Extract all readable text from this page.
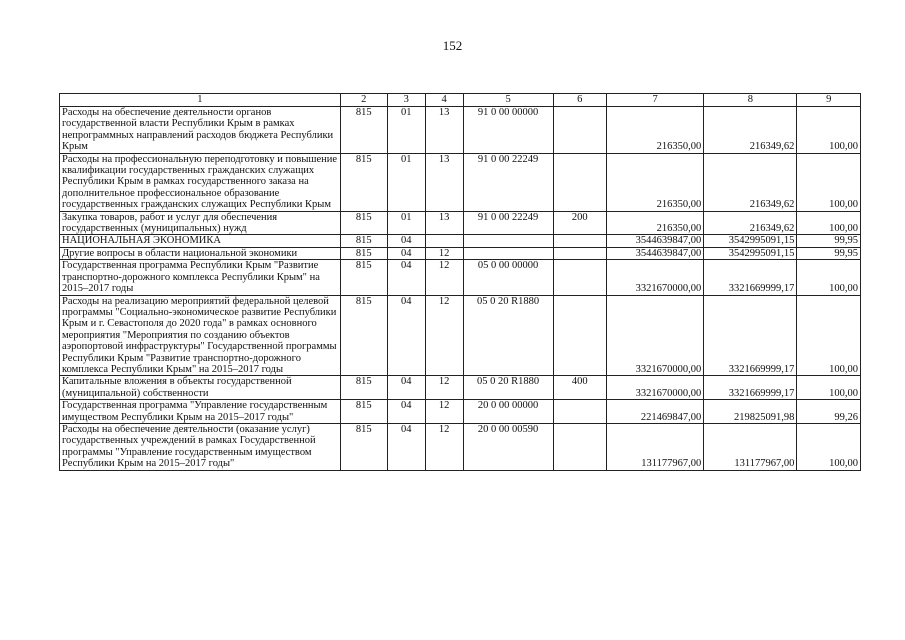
152
1	2	3	4	5	6	7	8	9
Расходы на обеспечение деятельности органов государственной власти Республики Крым в рамках непрограммных направлений расходов бюджета Республики Крым	815	01	13	91 0 00 00000		216350,00	216349,62	100,00
Расходы на профессиональную переподготовку и повышение квалификации государственных гражданских служащих Республики Крым в рамках государственного заказа на дополнительное профессиональное образование государственных гражданских служащих Республики Крым	815	01	13	91 0 00 22249		216350,00	216349,62	100,00
Закупка товаров, работ и услуг для обеспечения государственных (муниципальных) нужд	815	01	13	91 0 00 22249	200	216350,00	216349,62	100,00
НАЦИОНАЛЬНАЯ ЭКОНОМИКА	815	04				3544639847,00	3542995091,15	99,95
Другие вопросы в области национальной экономики	815	04	12			3544639847,00	3542995091,15	99,95
Государственная программа Республики Крым "Развитие транспортно-дорожного комплекса Республики Крым" на 2015–2017 годы	815	04	12	05 0 00 00000		3321670000,00	3321669999,17	100,00
Расходы на реализацию мероприятий федеральной целевой программы "Социально-экономическое развитие Республики Крым и г. Севастополя до 2020 года" в рамках основного мероприятия "Мероприятия по созданию объектов аэропортовой инфраструктуры" Государственной программы Республики Крым "Развитие транспортно-дорожного комплекса Республики Крым" на 2015–2017 годы	815	04	12	05 0 20 R1880		3321670000,00	3321669999,17	100,00
Капитальные вложения в объекты государственной (муниципальной) собственности	815	04	12	05 0 20 R1880	400	3321670000,00	3321669999,17	100,00
Государственная программа "Управление государственным имуществом Республики Крым на 2015–2017 годы"	815	04	12	20 0 00 00000		221469847,00	219825091,98	99,26
Расходы на обеспечение деятельности (оказание услуг) государственных учреждений в рамках Государственной программы "Управление государственным имуществом Республики Крым на 2015–2017 годы"	815	04	12	20 0 00 00590		131177967,00	131177967,00	100,00
